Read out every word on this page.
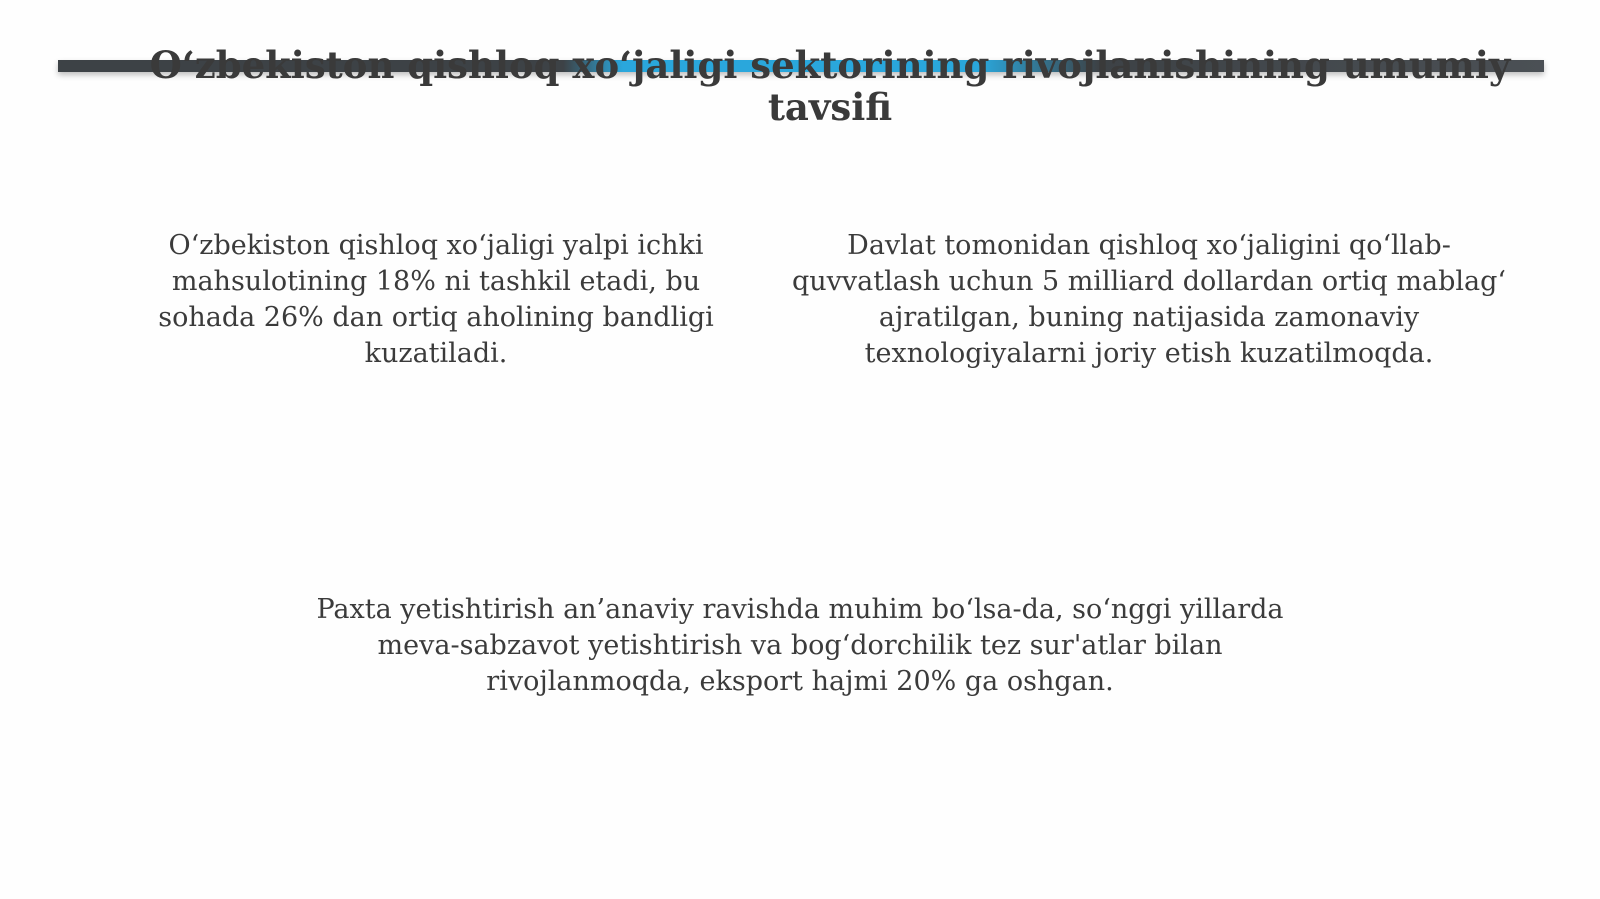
O‘zbekiston qishloq xo‘jaligi sektorining rivojlanishining umumiy tavsifi

O‘zbekiston qishloq xo‘jaligi yalpi ichki mahsulotining 18% ni tashkil etadi, bu sohada 26% dan ortiq aholining bandligi kuzatiladi.

Davlat tomonidan qishloq xo‘jaligini qo‘llab-quvvatlash uchun 5 milliard dollardan ortiq mablag‘ ajratilgan, buning natijasida zamonaviy texnologiyalarni joriy etish kuzatilmoqda.

Paxta yetishtirish an’anaviy ravishda muhim bo‘lsa-da, so‘nggi yillarda meva-sabzavot yetishtirish va bog‘dorchilik tez sur'atlar bilan rivojlanmoqda, eksport hajmi 20% ga oshgan.
